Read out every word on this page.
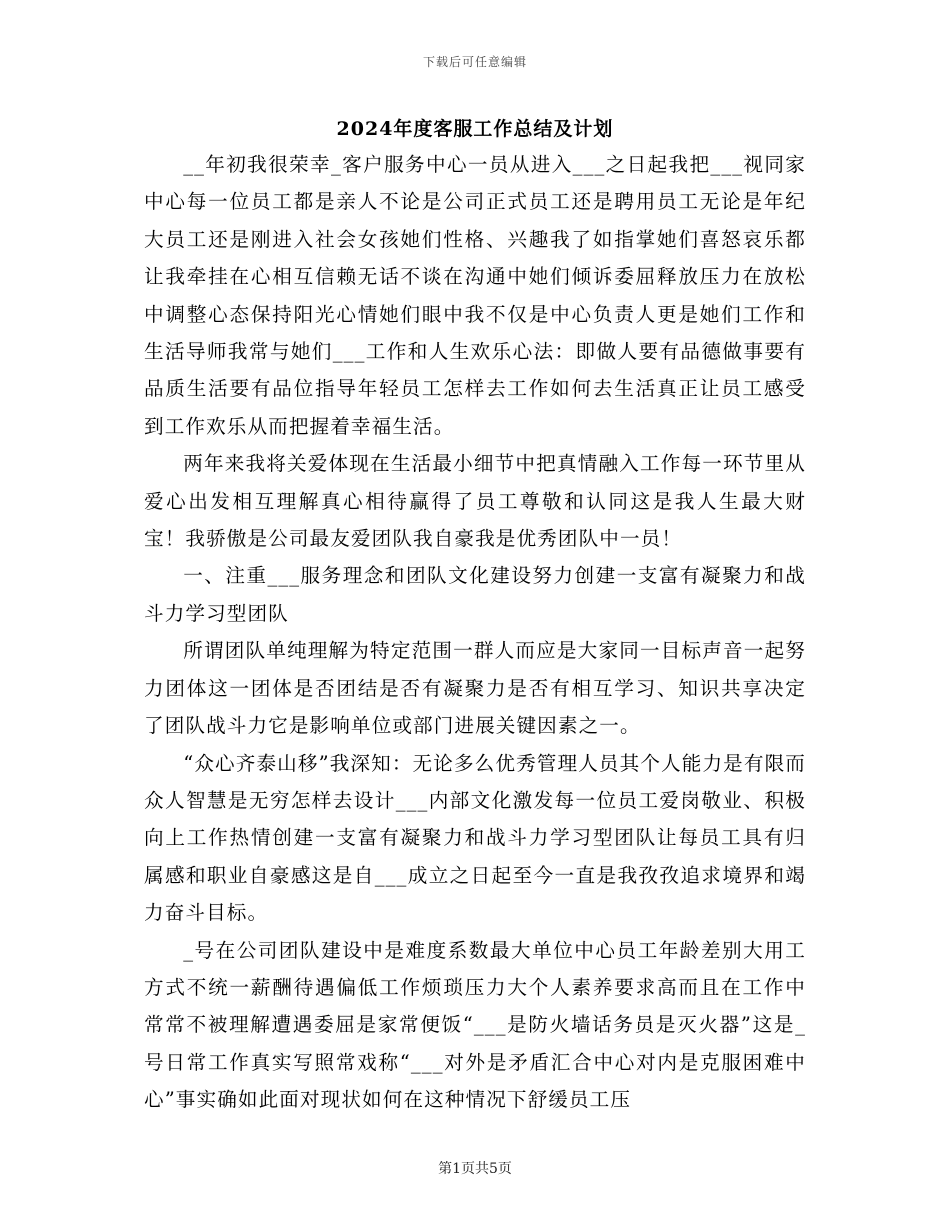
下载后可任意编辑
2024年度客服工作总结及计划

__年初我很荣幸_客户服务中心一员从进入___之日起我把___视同家中心每一位员工都是亲人不论是公司正式员工还是聘用员工无论是年纪大员工还是刚进入社会女孩她们性格、兴趣我了如指掌她们喜怒哀乐都让我牵挂在心相互信赖无话不谈在沟通中她们倾诉委屈释放压力在放松中调整心态保持阳光心情她们眼中我不仅是中心负责人更是她们工作和生活导师我常与她们___工作和人生欢乐心法：即做人要有品德做事要有品质生活要有品位指导年轻员工怎样去工作如何去生活真正让员工感受到工作欢乐从而把握着幸福生活。

两年来我将关爱体现在生活最小细节中把真情融入工作每一环节里从爱心出发相互理解真心相待赢得了员工尊敬和认同这是我人生最大财宝！我骄傲是公司最友爱团队我自豪我是优秀团队中一员！

一、注重___服务理念和团队文化建设努力创建一支富有凝聚力和战斗力学习型团队

所谓团队单纯理解为特定范围一群人而应是大家同一目标声音一起努力团体这一团体是否团结是否有凝聚力是否有相互学习、知识共享决定了团队战斗力它是影响单位或部门进展关键因素之一。

“众心齐泰山移”我深知：无论多么优秀管理人员其个人能力是有限而众人智慧是无穷怎样去设计___内部文化激发每一位员工爱岗敬业、积极向上工作热情创建一支富有凝聚力和战斗力学习型团队让每员工具有归属感和职业自豪感这是自___成立之日起至今一直是我孜孜追求境界和竭力奋斗目标。

_号在公司团队建设中是难度系数最大单位中心员工年龄差别大用工方式不统一薪酬待遇偏低工作烦琐压力大个人素养要求高而且在工作中常常不被理解遭遇委屈是家常便饭“___是防火墙话务员是灭火器”这是_号日常工作真实写照常戏称“___对外是矛盾汇合中心对内是克服困难中心”事实确如此面对现状如何在这种情况下舒缓员工压

第1页共5页
